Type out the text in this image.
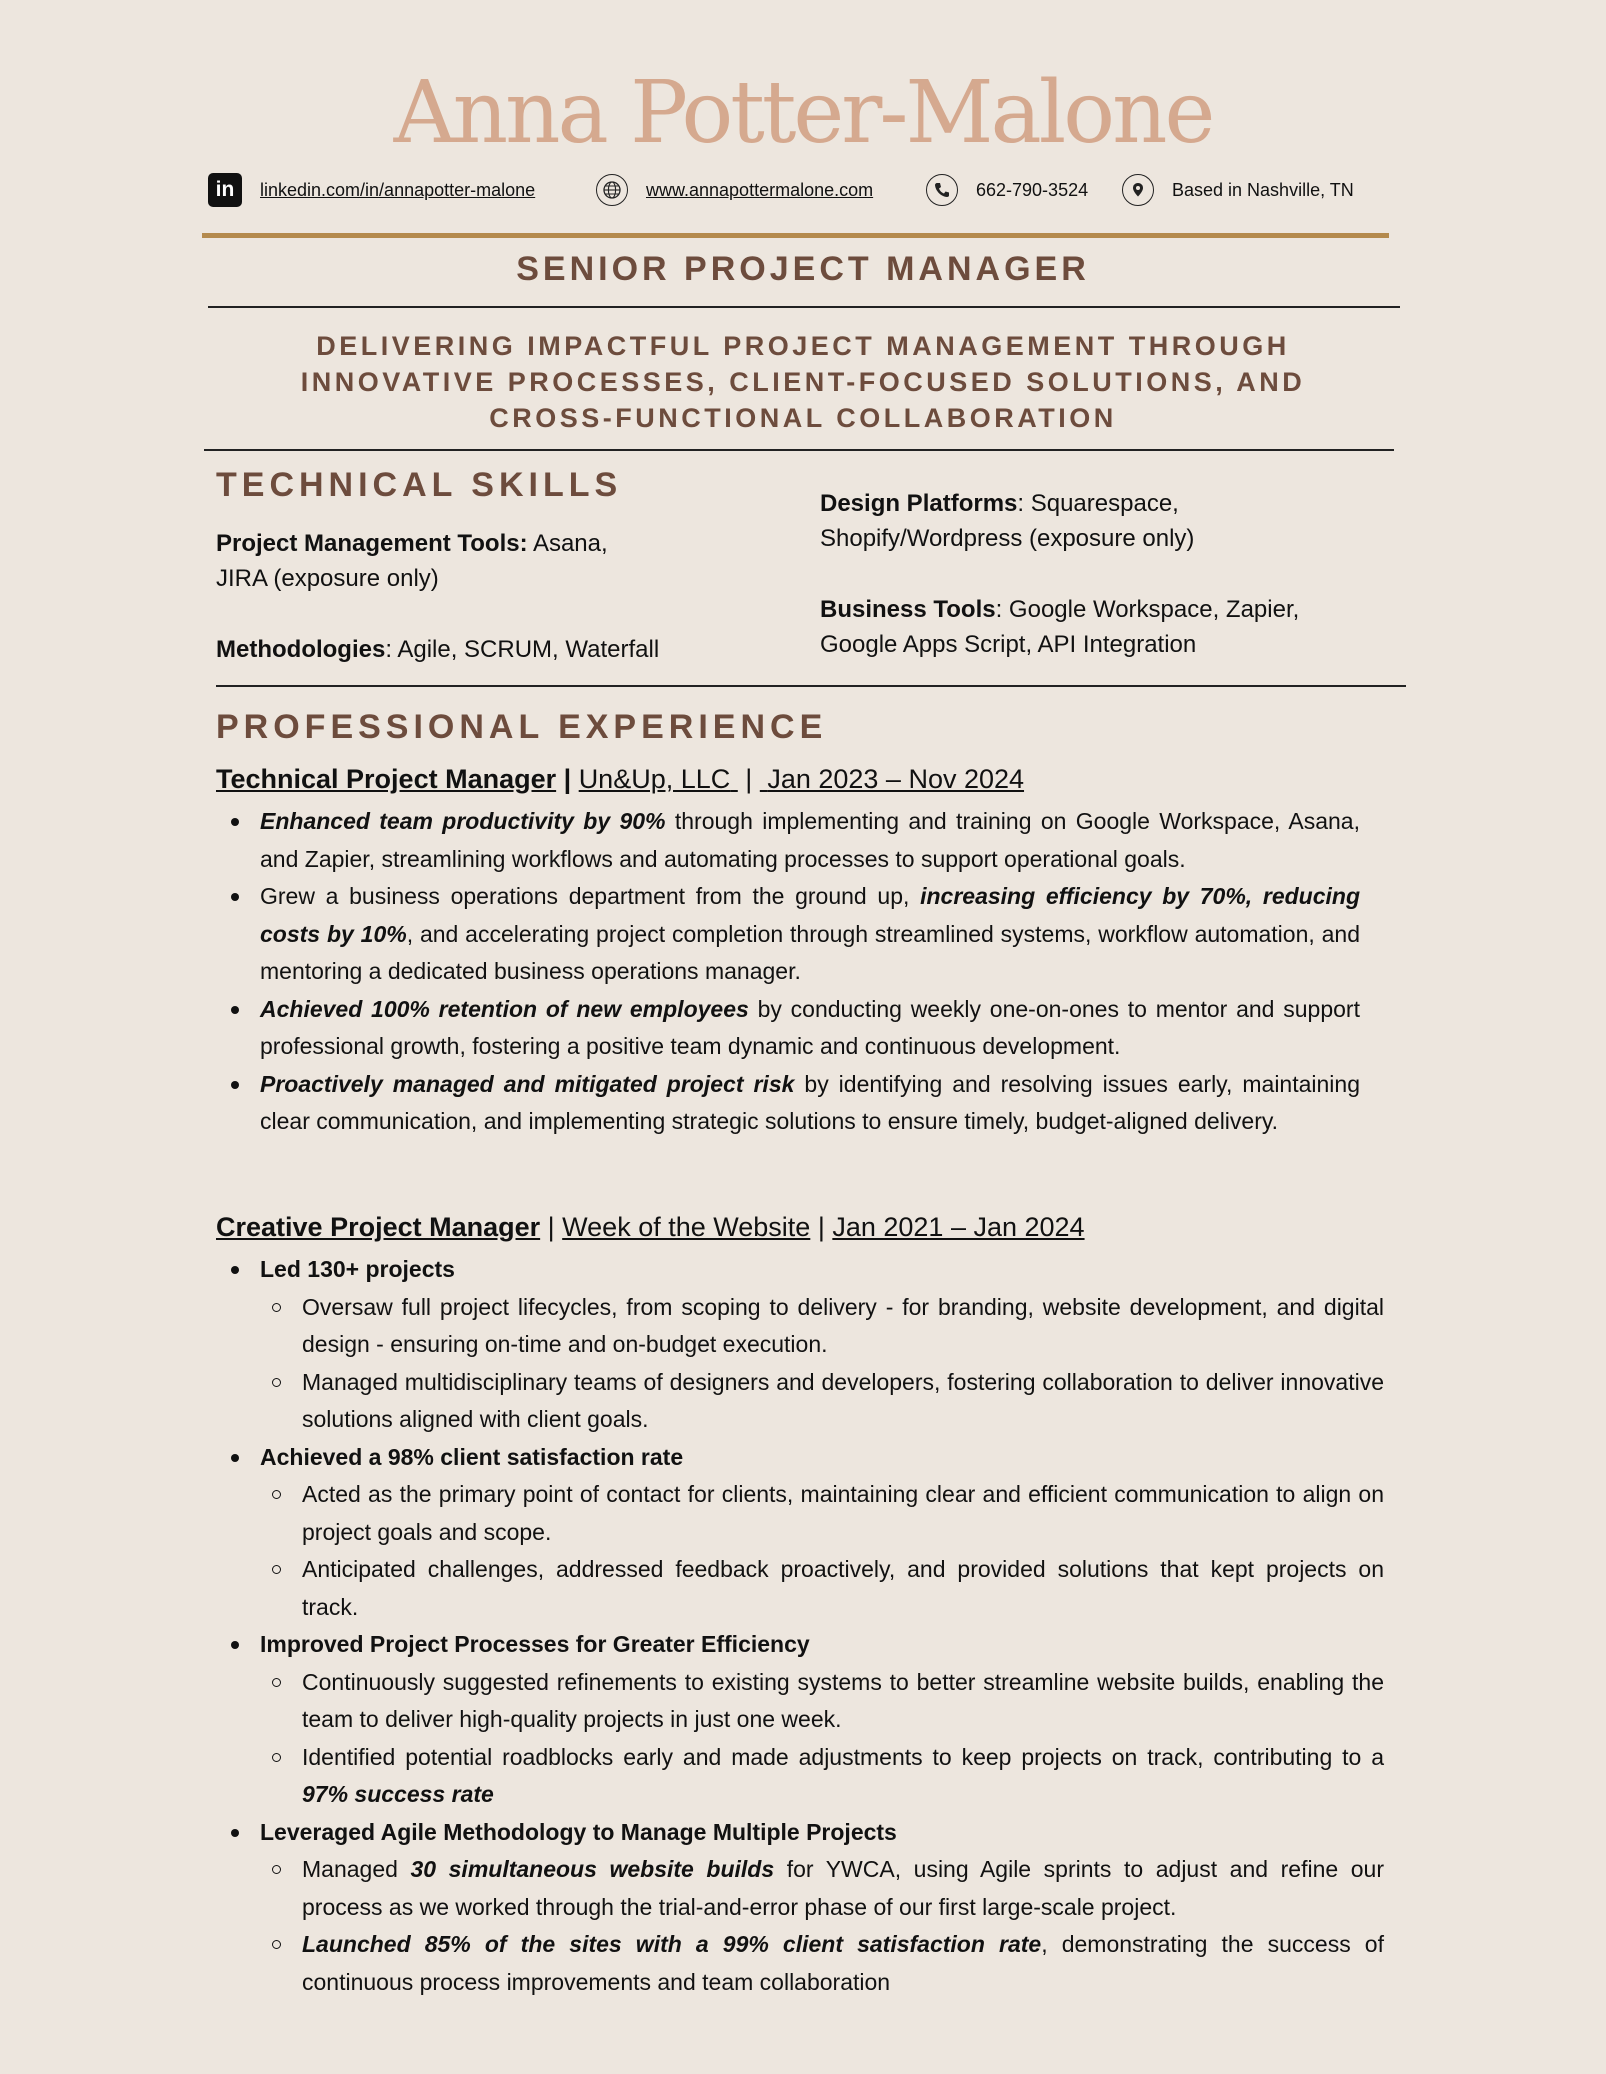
Anna Potter-Malone
in	linkedin.com/in/annapotter-malone	www.annapottermalone.com	662-790-3524	Based in Nashville, TN
SENIOR PROJECT MANAGER
DELIVERING IMPACTFUL PROJECT MANAGEMENT THROUGH INNOVATIVE PROCESSES, CLIENT-FOCUSED SOLUTIONS, AND CROSS-FUNCTIONAL COLLABORATION
TECHNICAL SKILLS
Project Management Tools: Asana, JIRA (exposure only)
Methodologies: Agile, SCRUM, Waterfall
Design Platforms: Squarespace, Shopify/Wordpress (exposure only)
Business Tools: Google Workspace, Zapier, Google Apps Script, API Integration
PROFESSIONAL EXPERIENCE
Technical Project Manager | Un&Up, LLC  |  Jan 2023 – Nov 2024
Enhanced team productivity by 90% through implementing and training on Google Workspace, Asana, and Zapier, streamlining workflows and automating processes to support operational goals.
Grew a business operations department from the ground up, increasing efficiency by 70%, reducing costs by 10%, and accelerating project completion through streamlined systems, workflow automation, and mentoring a dedicated business operations manager.
Achieved 100% retention of new employees by conducting weekly one-on-ones to mentor and support professional growth, fostering a positive team dynamic and continuous development.
Proactively managed and mitigated project risk by identifying and resolving issues early, maintaining clear communication, and implementing strategic solutions to ensure timely, budget-aligned delivery.
Creative Project Manager | Week of the Website | Jan 2021 – Jan 2024
Led 130+ projects
Oversaw full project lifecycles, from scoping to delivery - for branding, website development, and digital design - ensuring on-time and on-budget execution.
Managed multidisciplinary teams of designers and developers, fostering collaboration to deliver innovative solutions aligned with client goals.
Achieved a 98% client satisfaction rate
Acted as the primary point of contact for clients, maintaining clear and efficient communication to align on project goals and scope.
Anticipated challenges, addressed feedback proactively, and provided solutions that kept projects on track.
Improved Project Processes for Greater Efficiency
Continuously suggested refinements to existing systems to better streamline website builds, enabling the team to deliver high-quality projects in just one week.
Identified potential roadblocks early and made adjustments to keep projects on track, contributing to a 97% success rate
Leveraged Agile Methodology to Manage Multiple Projects
Managed 30 simultaneous website builds for YWCA, using Agile sprints to adjust and refine our process as we worked through the trial-and-error phase of our first large-scale project.
Launched 85% of the sites with a 99% client satisfaction rate, demonstrating the success of continuous process improvements and team collaboration
